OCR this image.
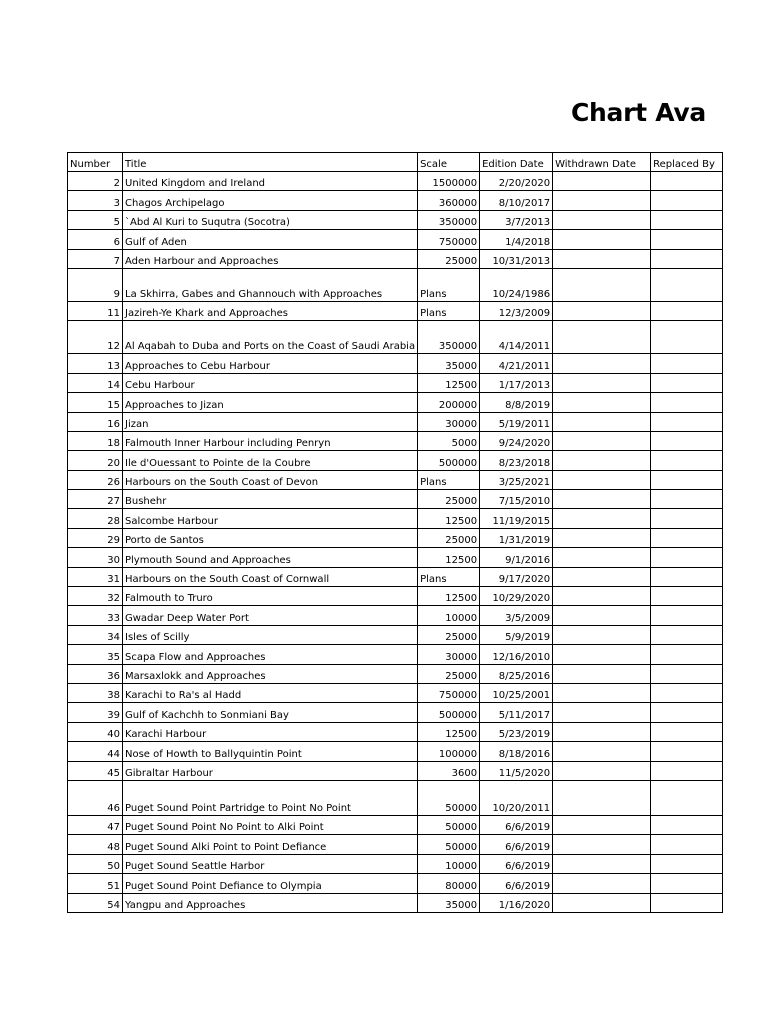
Chart Ava
Number	Title	Scale	Edition Date	Withdrawn Date	Replaced By
2	United Kingdom and Ireland	1500000	2/20/2020		
3	Chagos Archipelago	360000	8/10/2017		
5	`Abd Al Kuri to Suqutra (Socotra)	350000	3/7/2013		
6	Gulf of Aden	750000	1/4/2018		
7	Aden Harbour and Approaches	25000	10/31/2013		
9	La Skhirra, Gabes and Ghannouch with Approaches	Plans	10/24/1986		
11	Jazireh-Ye Khark and Approaches	Plans	12/3/2009		
12	Al Aqabah to Duba and Ports on the Coast of Saudi Arabia	350000	4/14/2011		
13	Approaches to Cebu Harbour	35000	4/21/2011		
14	Cebu Harbour	12500	1/17/2013		
15	Approaches to Jizan	200000	8/8/2019		
16	Jizan	30000	5/19/2011		
18	Falmouth Inner Harbour including Penryn	5000	9/24/2020		
20	Ile d'Ouessant to Pointe de la Coubre	500000	8/23/2018		
26	Harbours on the South Coast of Devon	Plans	3/25/2021		
27	Bushehr	25000	7/15/2010		
28	Salcombe Harbour	12500	11/19/2015		
29	Porto de Santos	25000	1/31/2019		
30	Plymouth Sound and Approaches	12500	9/1/2016		
31	Harbours on the South Coast of Cornwall	Plans	9/17/2020		
32	Falmouth to Truro	12500	10/29/2020		
33	Gwadar Deep Water Port	10000	3/5/2009		
34	Isles of Scilly	25000	5/9/2019		
35	Scapa Flow and Approaches	30000	12/16/2010		
36	Marsaxlokk and Approaches	25000	8/25/2016		
38	Karachi to Ra's al Hadd	750000	10/25/2001		
39	Gulf of Kachchh to Sonmiani Bay	500000	5/11/2017		
40	Karachi Harbour	12500	5/23/2019		
44	Nose of Howth to Ballyquintin Point	100000	8/18/2016		
45	Gibraltar Harbour	3600	11/5/2020		
46	Puget Sound Point Partridge to Point No Point	50000	10/20/2011		
47	Puget Sound Point No Point to Alki Point	50000	6/6/2019		
48	Puget Sound Alki Point to Point Defiance	50000	6/6/2019		
50	Puget Sound Seattle Harbor	10000	6/6/2019		
51	Puget Sound Point Defiance to Olympia	80000	6/6/2019		
54	Yangpu and Approaches	35000	1/16/2020		
